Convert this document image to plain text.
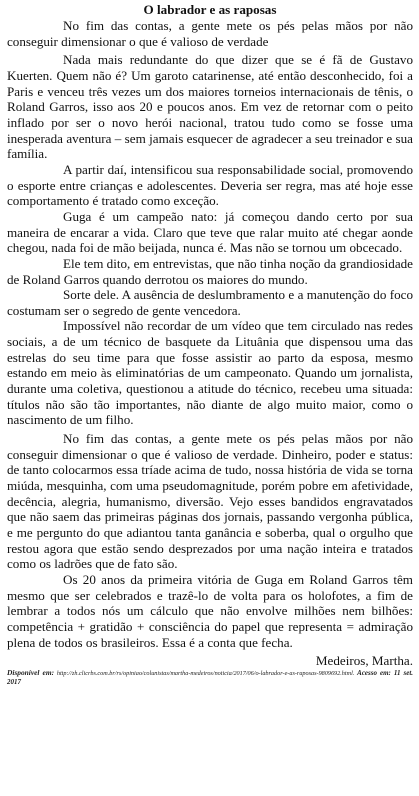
O labrador e as raposas

No fim das contas, a gente mete os pés pelas mãos por não conseguir dimensionar o que é valioso de verdade

Nada mais redundante do que dizer que se é fã de Gustavo Kuerten. Quem não é? Um garoto catarinense, até então desconhecido, foi a Paris e venceu três vezes um dos maiores torneios internacionais de tênis, o Roland Garros, isso aos 20 e poucos anos. Em vez de retornar com o peito inflado por ser o novo herói nacional, tratou tudo como se fosse uma inesperada aventura – sem jamais esquecer de agradecer a seu treinador e sua família.

A partir daí, intensificou sua responsabilidade social, promovendo o esporte entre crianças e adolescentes. Deveria ser regra, mas até hoje esse comportamento é tratado como exceção.

Guga é um campeão nato: já começou dando certo por sua maneira de encarar a vida. Claro que teve que ralar muito até chegar aonde chegou, nada foi de mão beijada, nunca é. Mas não se tornou um obcecado.

Ele tem dito, em entrevistas, que não tinha noção da grandiosidade de Roland Garros quando derrotou os maiores do mundo.

Sorte dele. A ausência de deslumbramento e a manutenção do foco costumam ser o segredo de gente vencedora.

Impossível não recordar de um vídeo que tem circulado nas redes sociais, a de um técnico de basquete da Lituânia que dispensou uma das estrelas do seu time para que fosse assistir ao parto da esposa, mesmo estando em meio às eliminatórias de um campeonato. Quando um jornalista, durante uma coletiva, questionou a atitude do técnico, recebeu uma situada: títulos não são tão importantes, não diante de algo muito maior, como o nascimento de um filho.

No fim das contas, a gente mete os pés pelas mãos por não conseguir dimensionar o que é valioso de verdade. Dinheiro, poder e status: de tanto colocarmos essa tríade acima de tudo, nossa história de vida se torna miúda, mesquinha, com uma pseudomagnitude, porém pobre em afetividade, decência, alegria, humanismo, diversão. Vejo esses bandidos engravatados que não saem das primeiras páginas dos jornais, passando vergonha pública, e me pergunto do que adiantou tanta ganância e soberba, qual o orgulho que restou agora que estão sendo desprezados por uma nação inteira e tratados como os ladrões que de fato são.

Os 20 anos da primeira vitória de Guga em Roland Garros têm mesmo que ser celebrados e trazê-lo de volta para os holofotes, a fim de lembrar a todos nós um cálculo que não envolve milhões nem bilhões: competência + gratidão + consciência do papel que representa = admiração plena de todos os brasileiros. Essa é a conta que fecha.

Medeiros, Martha.
Disponível em: http://zh.clicrbs.com.br/rs/opiniao/colunistas/martha-medeiros/noticia/2017/06/o-labrador-e-as-raposas-9809692.html. Acesso em: 11 set. 2017
